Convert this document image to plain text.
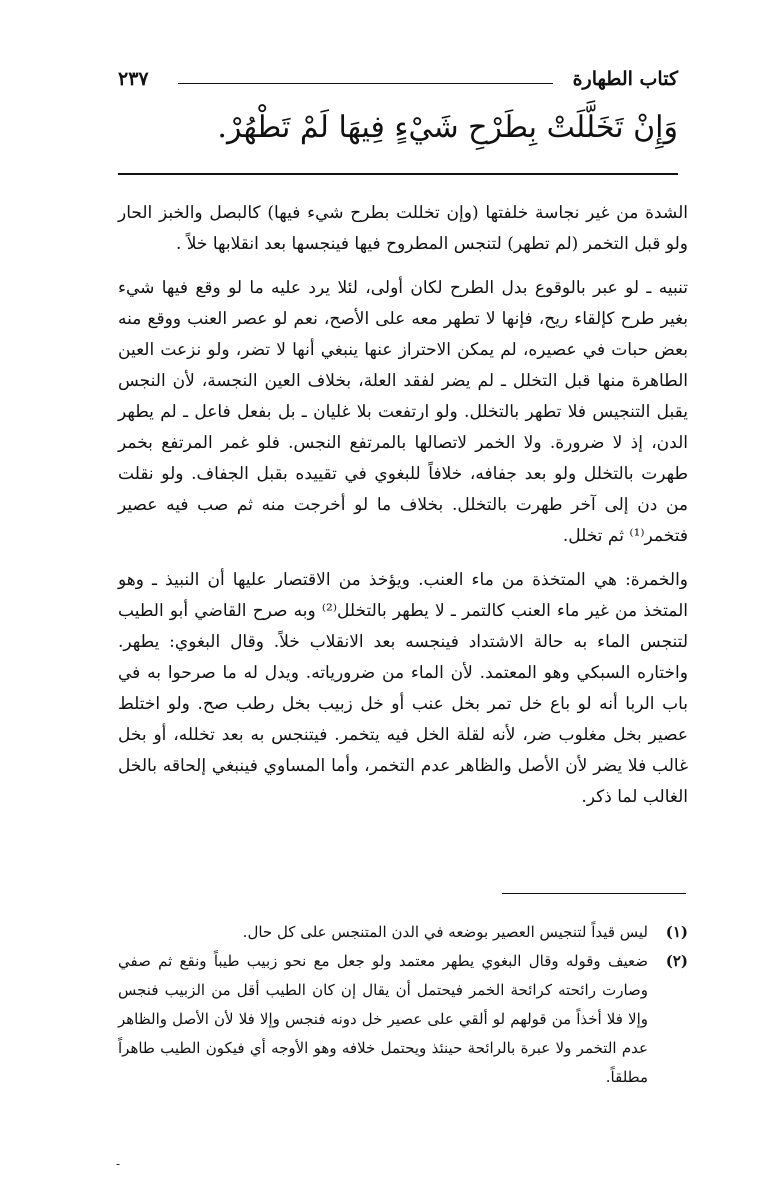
كتاب الطهارة
٢٣٧
وَإِنْ تَخَلَّلَتْ بِطَرْحِ شَيْءٍ فِيهَا لَمْ تَطْهُرْ.

الشدة من غير نجاسة خلفتها (وإن تخللت بطرح شيء فيها) كالبصل والخبز الحار ولو قبل التخمر (لم تطهر) لتنجس المطروح فيها فينجسها بعد انقلابها خلاً .

تنبيه ـ لو عبر بالوقوع بدل الطرح لكان أولى، لئلا يرد عليه ما لو وقع فيها شيء بغير طرح كإلقاء ريح، فإنها لا تطهر معه على الأصح، نعم لو عصر العنب ووقع منه بعض حبات في عصيره، لم يمكن الاحتراز عنها ينبغي أنها لا تضر، ولو نزعت العين الطاهرة منها قبل التخلل ـ لم يضر لفقد العلة، بخلاف العين النجسة، لأن النجس يقبل التنجيس فلا تطهر بالتخلل. ولو ارتفعت بلا غليان ـ بل بفعل فاعل ـ لم يطهر الدن، إذ لا ضرورة. ولا الخمر لاتصالها بالمرتفع النجس. فلو غمر المرتفع بخمر طهرت بالتخلل ولو بعد جفافه، خلافاً للبغوي في تقييده بقبل الجفاف. ولو نقلت من دن إلى آخر طهرت بالتخلل. بخلاف ما لو أخرجت منه ثم صب فيه عصير فتخمر⁽¹⁾ ثم تخلل.

والخمرة: هي المتخذة من ماء العنب. ويؤخذ من الاقتصار عليها أن النبيذ ـ وهو المتخذ من غير ماء العنب كالتمر ـ لا يطهر بالتخلل⁽²⁾ وبه صرح القاضي أبو الطيب لتنجس الماء به حالة الاشتداد فينجسه بعد الانقلاب خلاً. وقال البغوي: يطهر. واختاره السبكي وهو المعتمد. لأن الماء من ضرورياته. ويدل له ما صرحوا به في باب الربا أنه لو باع خل تمر بخل عنب أو خل زبيب بخل رطب صح. ولو اختلط عصير بخل مغلوب ضر، لأنه لقلة الخل فيه يتخمر. فيتنجس به بعد تخلله، أو بخل غالب فلا يضر لأن الأصل والظاهر عدم التخمر، وأما المساوي فينبغي إلحاقه بالخل الغالب لما ذكر.

(١)
ليس قيداً لتنجيس العصير بوضعه في الدن المتنجس على كل حال.

(٢)
ضعيف وقوله وقال البغوي يطهر معتمد ولو جعل مع نحو زبيب طيباً ونقع ثم صفي وصارت رائحته كرائحة الخمر فيحتمل أن يقال إن كان الطيب أقل من الزبيب فنجس وإلا فلا أخذاً من قولهم لو ألقي على عصير خل دونه فنجس وإلا فلا لأن الأصل والظاهر عدم التخمر ولا عبرة بالرائحة حينئذ ويحتمل خلافه وهو الأوجه أي فيكون الطيب طاهراً مطلقاً.

-
